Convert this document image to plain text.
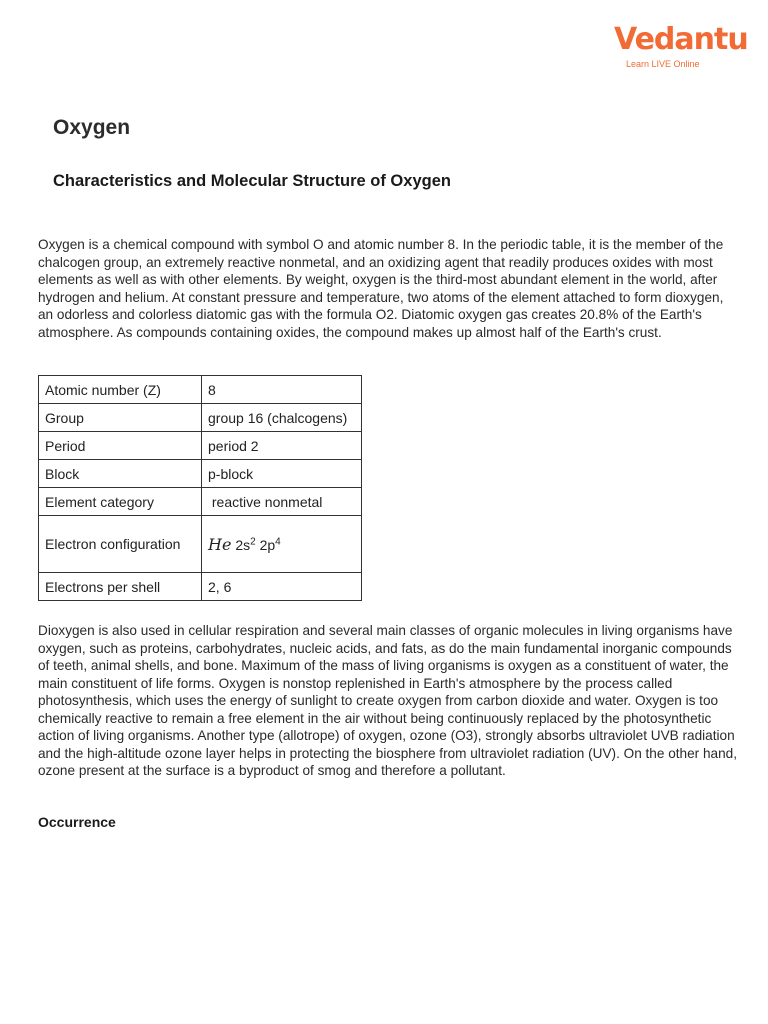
Vedantu
Learn LIVE Online
Oxygen
Characteristics and Molecular Structure of Oxygen

Oxygen is a chemical compound with symbol O and atomic number 8. In the periodic table, it is the member of the chalcogen group, an extremely reactive nonmetal, and an oxidizing agent that readily produces oxides with most elements as well as with other elements. By weight, oxygen is the third-most abundant element in the world, after hydrogen and helium. At constant pressure and temperature, two atoms of the element attached to form dioxygen, an odorless and colorless diatomic gas with the formula O2. Diatomic oxygen gas creates 20.8% of the Earth's atmosphere. As compounds containing oxides, the compound makes up almost half of the Earth's crust.

Atomic number (Z)	8
Group	group 16 (chalcogens)
Period	period 2
Block	p-block
Element category	reactive nonmetal
Electron configuration	He $2s^2$ $2p^4$
Electrons per shell	2, 6

Dioxygen is also used in cellular respiration and several main classes of organic molecules in living organisms have oxygen, such as proteins, carbohydrates, nucleic acids, and fats, as do the main fundamental inorganic compounds of teeth, animal shells, and bone. Maximum of the mass of living organisms is oxygen as a constituent of water, the main constituent of life forms. Oxygen is nonstop replenished in Earth's atmosphere by the process called photosynthesis, which uses the energy of sunlight to create oxygen from carbon dioxide and water. Oxygen is too chemically reactive to remain a free element in the air without being continuously replaced by the photosynthetic action of living organisms. Another type (allotrope) of oxygen, ozone (O3), strongly absorbs ultraviolet UVB radiation and the high-altitude ozone layer helps in protecting the biosphere from ultraviolet radiation (UV). On the other hand, ozone present at the surface is a byproduct of smog and therefore a pollutant.

Occurrence
